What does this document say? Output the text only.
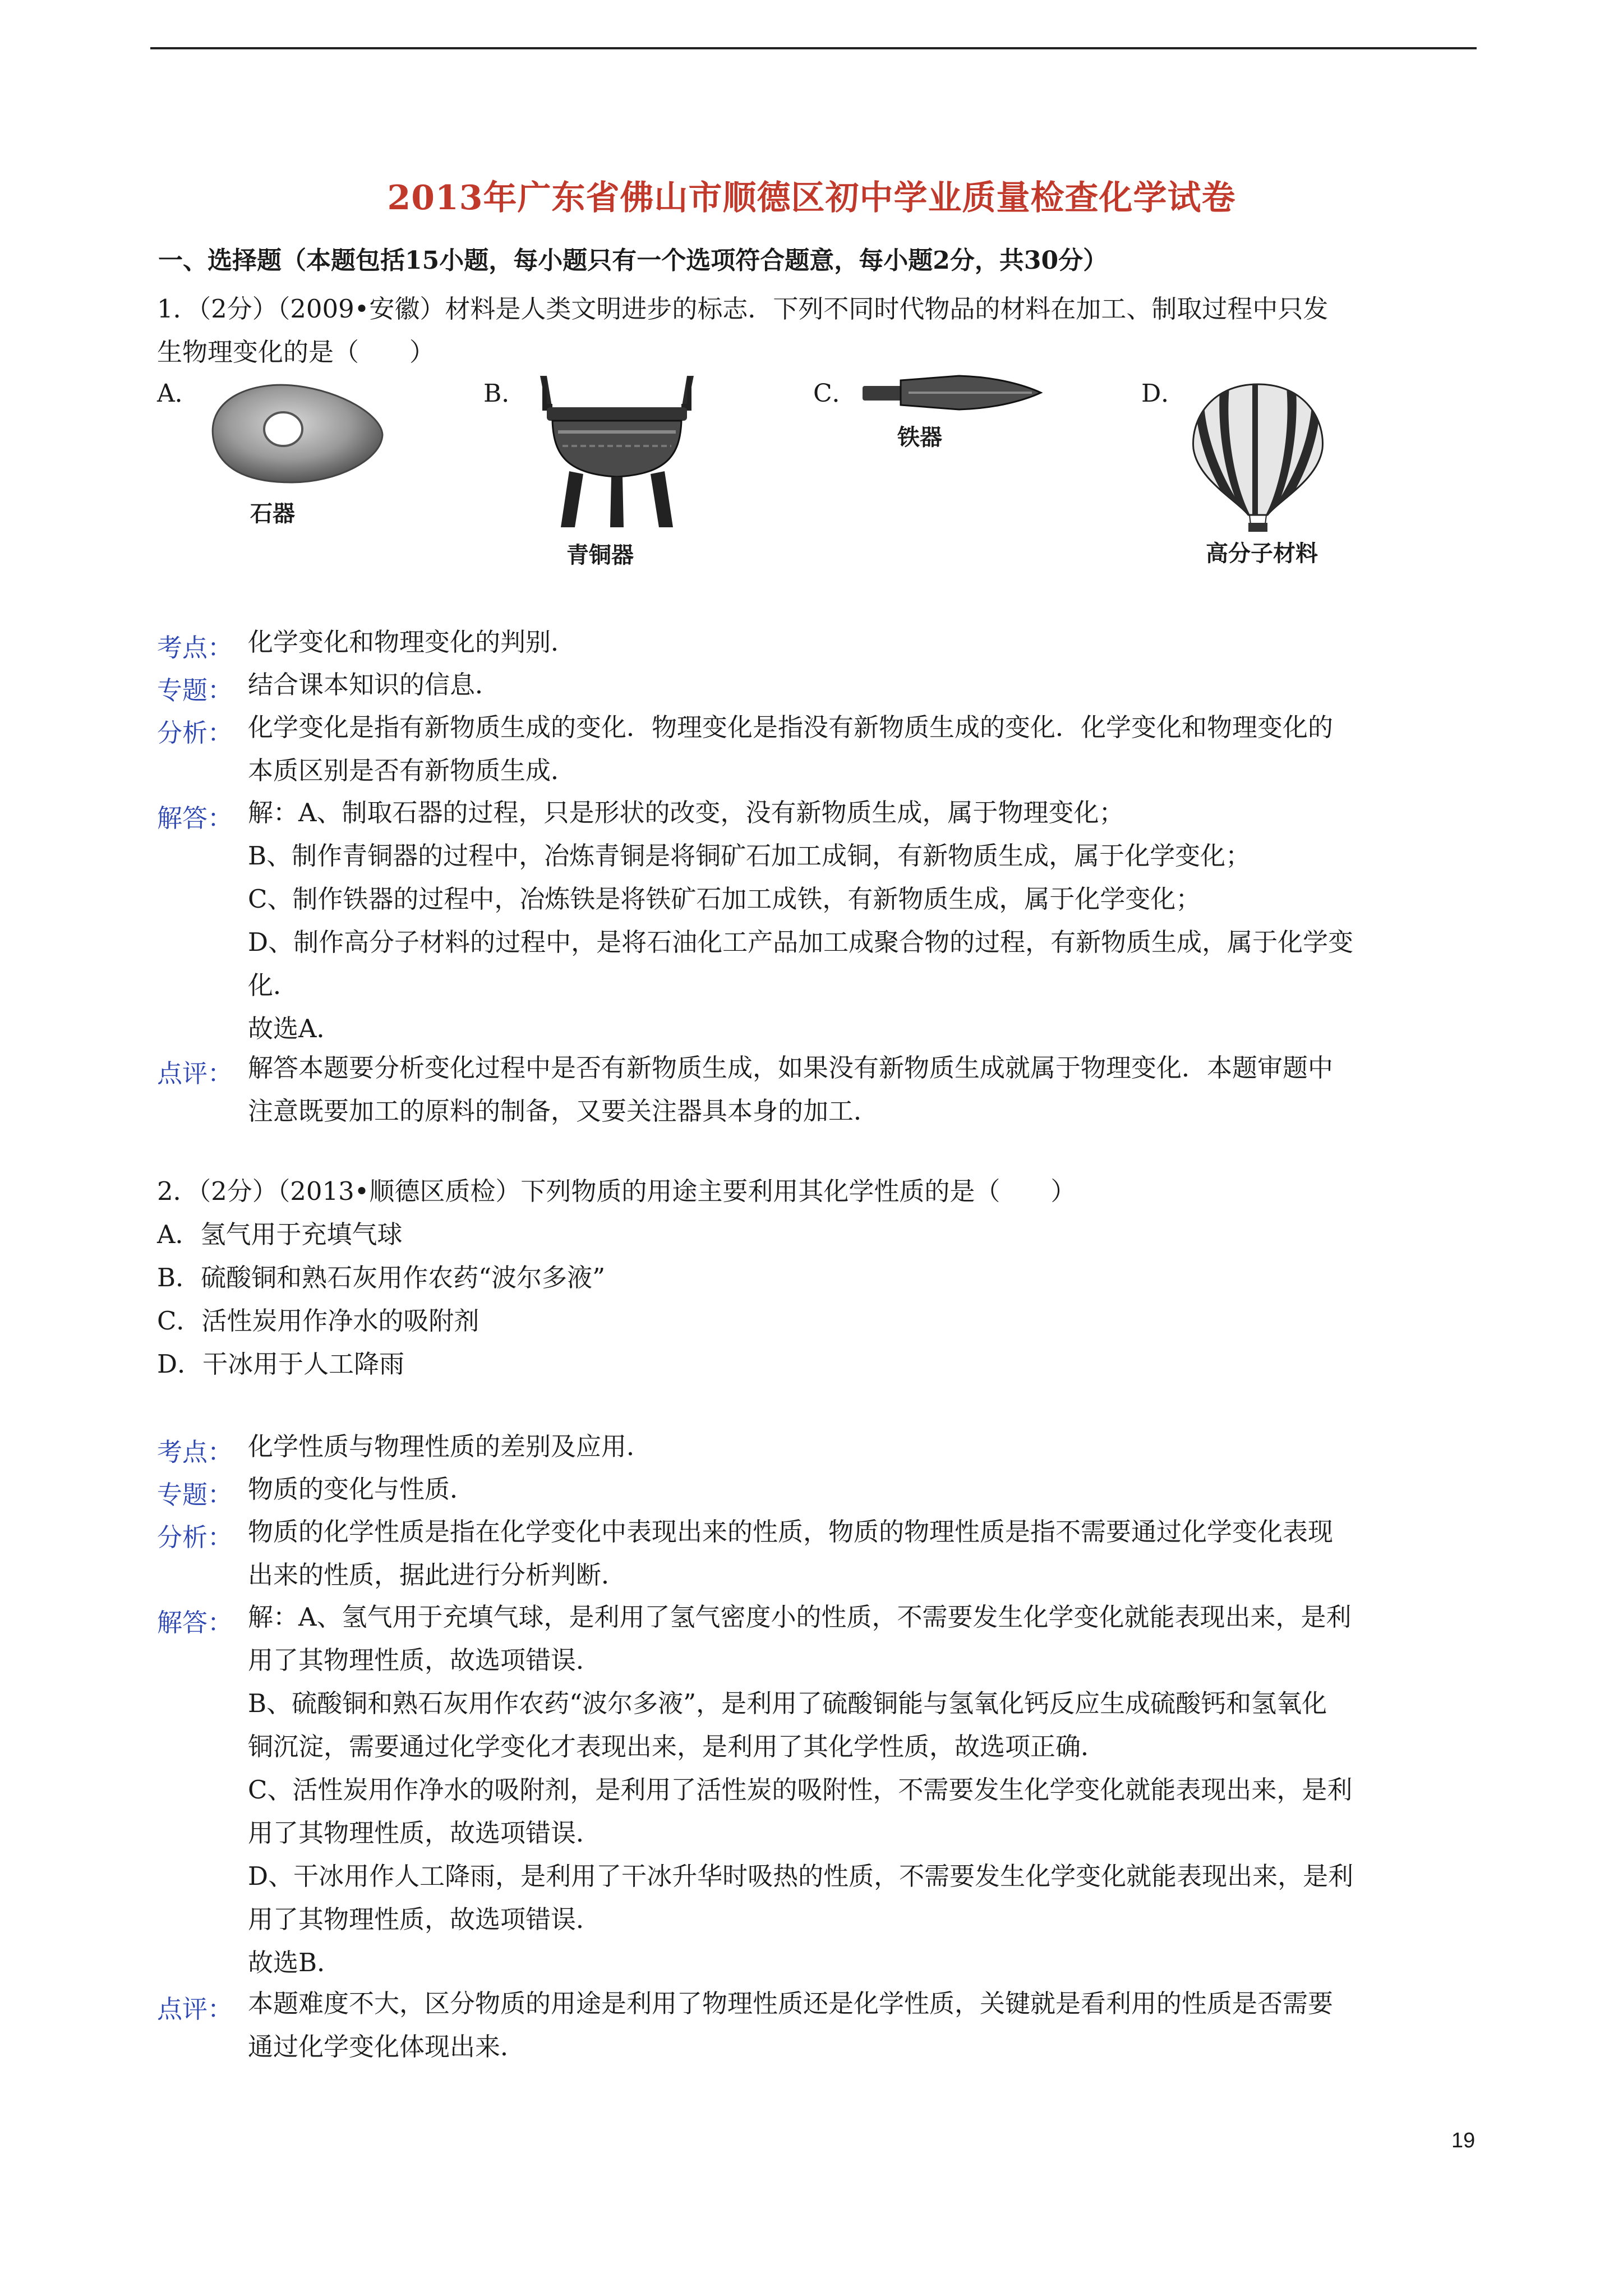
2013年广东省佛山市顺德区初中学业质量检查化学试卷
一、选择题（本题包括15小题，每小题只有一个选项符合题意，每小题2分，共30分）
1．（2分）（2009•安徽）材料是人类文明进步的标志．下列不同时代物品的材料在加工、制取过程中只发
生物理变化的是（　　）
A．	B．	C．	D．
石器
青铜器
铁器
高分子材料
考点： 化学变化和物理变化的判别．
专题： 结合课本知识的信息．
分析： 化学变化是指有新物质生成的变化．物理变化是指没有新物质生成的变化．化学变化和物理变化的
本质区别是否有新物质生成．
解答： 解：A、制取石器的过程，只是形状的改变，没有新物质生成，属于物理变化；
B、制作青铜器的过程中，冶炼青铜是将铜矿石加工成铜，有新物质生成，属于化学变化；
C、制作铁器的过程中，冶炼铁是将铁矿石加工成铁，有新物质生成，属于化学变化；
D、制作高分子材料的过程中，是将石油化工产品加工成聚合物的过程，有新物质生成，属于化学变
化．
故选A．
点评： 解答本题要分析变化过程中是否有新物质生成，如果没有新物质生成就属于物理变化．本题审题中
注意既要加工的原料的制备，又要关注器具本身的加工．
2．（2分）（2013•顺德区质检）下列物质的用途主要利用其化学性质的是（　　）
A．氢气用于充填气球
B．硫酸铜和熟石灰用作农药“波尔多液”
C．活性炭用作净水的吸附剂
D．干冰用于人工降雨
考点： 化学性质与物理性质的差别及应用．
专题： 物质的变化与性质．
分析： 物质的化学性质是指在化学变化中表现出来的性质，物质的物理性质是指不需要通过化学变化表现
出来的性质，据此进行分析判断．
解答： 解：A、氢气用于充填气球，是利用了氢气密度小的性质，不需要发生化学变化就能表现出来，是利
用了其物理性质，故选项错误．
B、硫酸铜和熟石灰用作农药“波尔多液”，是利用了硫酸铜能与氢氧化钙反应生成硫酸钙和氢氧化
铜沉淀，需要通过化学变化才表现出来，是利用了其化学性质，故选项正确．
C、活性炭用作净水的吸附剂，是利用了活性炭的吸附性，不需要发生化学变化就能表现出来，是利
用了其物理性质，故选项错误．
D、干冰用作人工降雨，是利用了干冰升华时吸热的性质，不需要发生化学变化就能表现出来，是利
用了其物理性质，故选项错误．
故选B．
点评： 本题难度不大，区分物质的用途是利用了物理性质还是化学性质，关键就是看利用的性质是否需要
通过化学变化体现出来．
19
